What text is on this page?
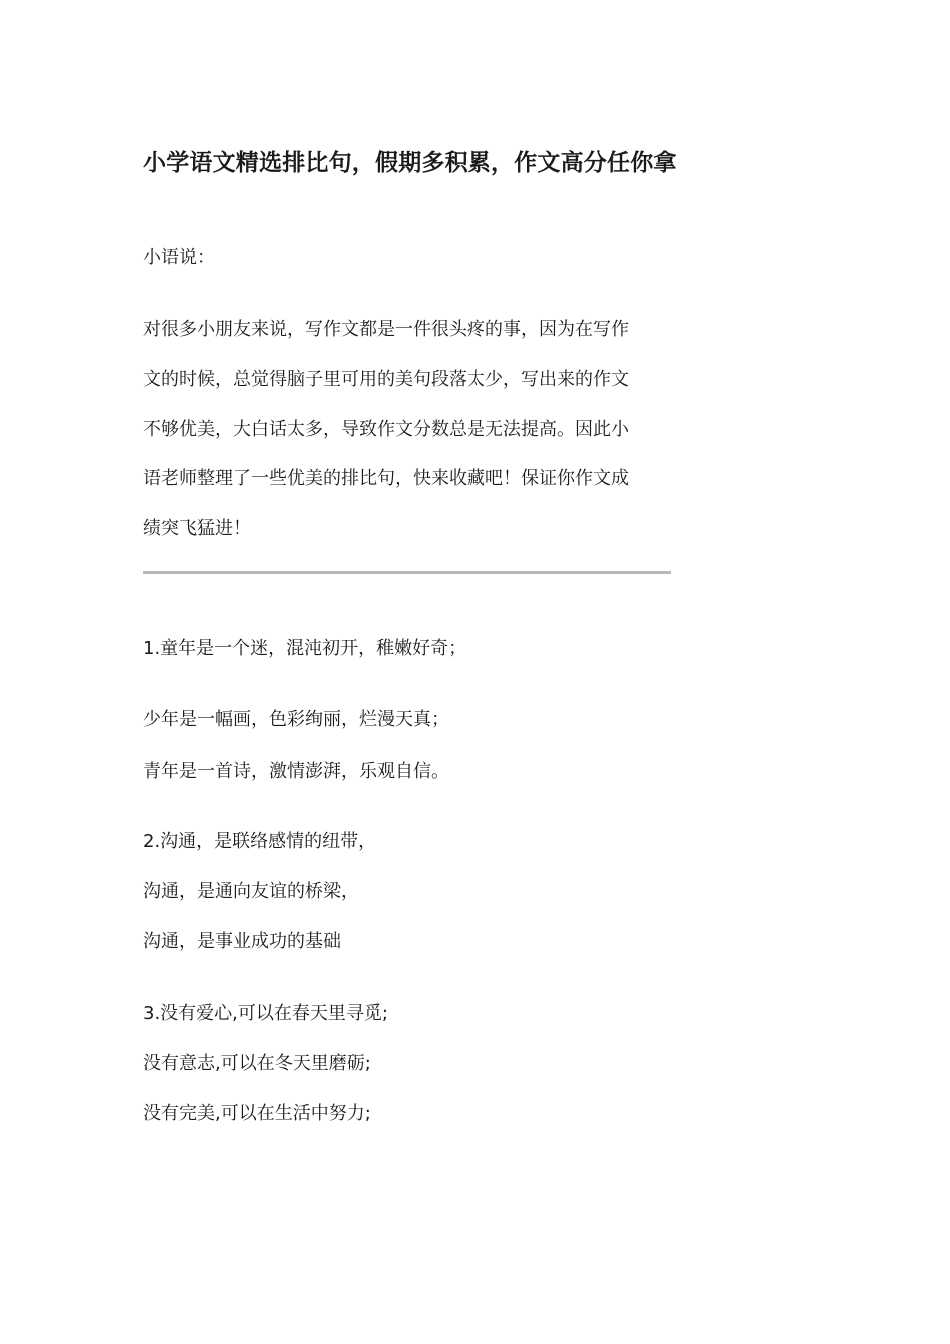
小学语文精选排比句，假期多积累，作文高分任你拿
小语说：
对很多小朋友来说，写作文都是一件很头疼的事，因为在写作
文的时候，总觉得脑子里可用的美句段落太少，写出来的作文
不够优美，大白话太多，导致作文分数总是无法提高。因此小
语老师整理了一些优美的排比句，快来收藏吧！保证你作文成
绩突飞猛进！
1.童年是一个迷，混沌初开，稚嫩好奇；
少年是一幅画，色彩绚丽，烂漫天真；
青年是一首诗，激情澎湃，乐观自信。
2.沟通，是联络感情的纽带，
沟通，是通向友谊的桥梁，
沟通，是事业成功的基础
3.没有爱心,可以在春天里寻觅;
没有意志,可以在冬天里磨砺;
没有完美,可以在生活中努力;
